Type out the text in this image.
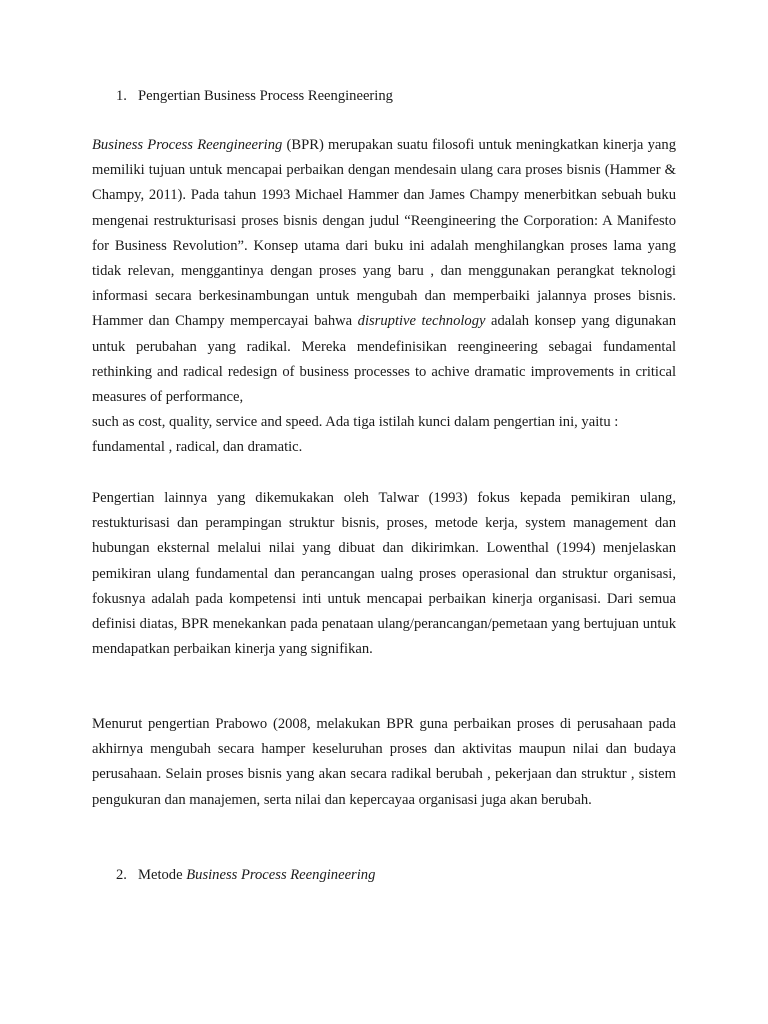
1. Pengertian Business Process Reengineering

Business Process Reengineering (BPR) merupakan suatu filosofi untuk meningkatkan kinerja yang memiliki tujuan untuk mencapai perbaikan dengan mendesain ulang cara proses bisnis (Hammer & Champy, 2011). Pada tahun 1993 Michael Hammer dan James Champy menerbitkan sebuah buku mengenai restrukturisasi proses bisnis dengan judul “Reengineering the Corporation: A Manifesto for Business Revolution”. Konsep utama dari buku ini adalah menghilangkan proses lama yang tidak relevan, menggantinya dengan proses yang baru , dan menggunakan perangkat teknologi informasi secara berkesinambungan untuk mengubah dan memperbaiki jalannya proses bisnis. Hammer dan Champy mempercayai bahwa disruptive technology adalah konsep yang digunakan untuk perubahan yang radikal. Mereka mendefinisikan reengineering sebagai fundamental rethinking and radical redesign of business processes to achive dramatic improvements in critical measures of performance,
such as cost, quality, service and speed. Ada tiga istilah kunci dalam pengertian ini, yaitu :
fundamental , radical, dan dramatic.

Pengertian lainnya yang dikemukakan oleh Talwar (1993) fokus kepada pemikiran ulang, restukturisasi dan perampingan struktur bisnis, proses, metode kerja, system management dan hubungan eksternal melalui nilai yang dibuat dan dikirimkan. Lowenthal (1994) menjelaskan pemikiran ulang fundamental dan perancangan ualng proses operasional dan struktur organisasi, fokusnya adalah pada kompetensi inti untuk mencapai perbaikan kinerja organisasi. Dari semua definisi diatas, BPR menekankan pada penataan ulang/perancangan/pemetaan yang bertujuan untuk mendapatkan perbaikan kinerja yang signifikan.

Menurut pengertian Prabowo (2008, melakukan BPR guna perbaikan proses di perusahaan pada akhirnya mengubah secara hamper keseluruhan proses dan aktivitas maupun nilai dan budaya perusahaan. Selain proses bisnis yang akan secara radikal berubah , pekerjaan dan struktur , sistem pengukuran dan manajemen, serta nilai dan kepercayaa organisasi juga akan berubah.

2. Metode Business Process Reengineering
